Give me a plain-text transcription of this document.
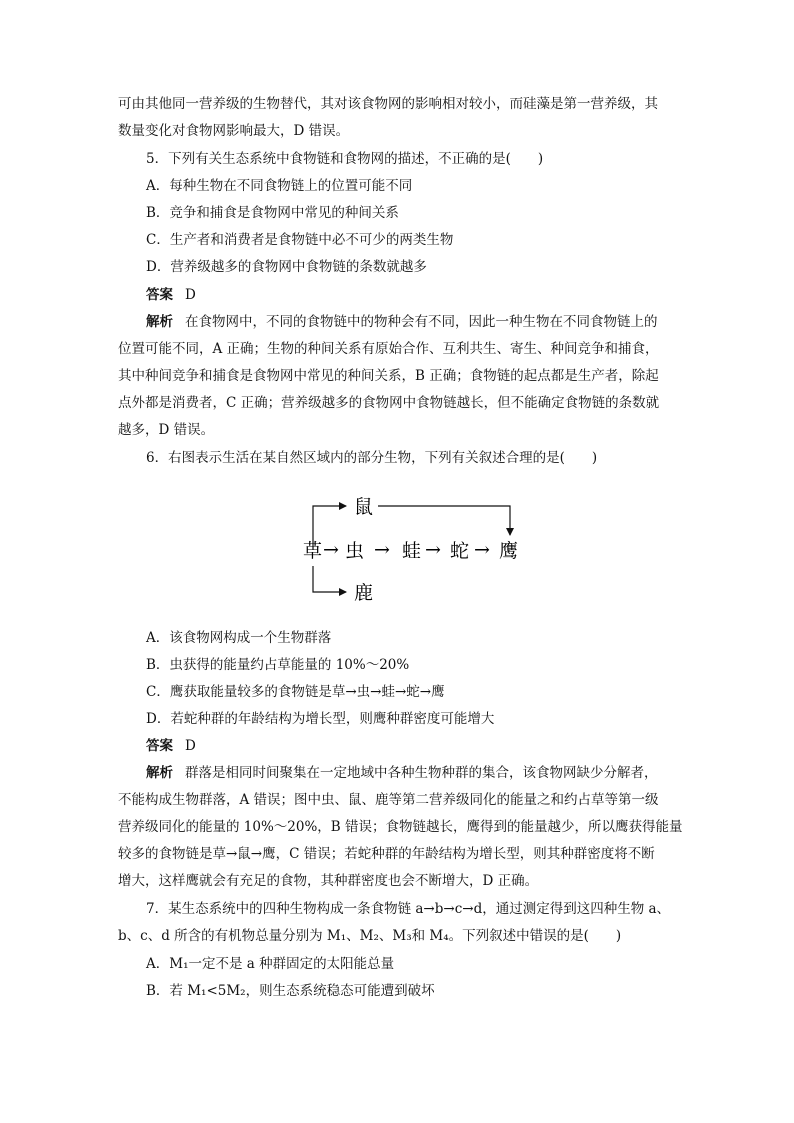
可由其他同一营养级的生物替代，其对该食物网的影响相对较小，而硅藻是第一营养级，其
数量变化对食物网影响最大，D 错误。
5．下列有关生态系统中食物链和食物网的描述，不正确的是(　　)
A．每种生物在不同食物链上的位置可能不同
B．竞争和捕食是食物网中常见的种间关系
C．生产者和消费者是食物链中必不可少的两类生物
D．营养级越多的食物网中食物链的条数就越多
答案 D
解析 在食物网中，不同的食物链中的物种会有不同，因此一种生物在不同食物链上的
位置可能不同，A 正确；生物的种间关系有原始合作、互利共生、寄生、种间竞争和捕食，
其中种间竞争和捕食是食物网中常见的种间关系，B 正确；食物链的起点都是生产者，除起
点外都是消费者，C 正确；营养级越多的食物网中食物链越长，但不能确定食物链的条数就
越多，D 错误。
6．右图表示生活在某自然区域内的部分生物，下列有关叙述合理的是(　　)
鼠
草 虫 蛙 蛇 鹰
鹿
→ → → →
A．该食物网构成一个生物群落
B．虫获得的能量约占草能量的 10%～20%
C．鹰获取能量较多的食物链是草→虫→蛙→蛇→鹰
D．若蛇种群的年龄结构为增长型，则鹰种群密度可能增大
答案 D
解析 群落是相同时间聚集在一定地域中各种生物种群的集合，该食物网缺少分解者，
不能构成生物群落，A 错误；图中虫、鼠、鹿等第二营养级同化的能量之和约占草等第一级
营养级同化的能量的 10%～20%，B 错误；食物链越长，鹰得到的能量越少，所以鹰获得能量
较多的食物链是草→鼠→鹰，C 错误；若蛇种群的年龄结构为增长型，则其种群密度将不断
增大，这样鹰就会有充足的食物，其种群密度也会不断增大，D 正确。
7．某生态系统中的四种生物构成一条食物链 a→b→c→d，通过测定得到这四种生物 a、
b、c、d 所含的有机物总量分别为 M₁、M₂、M₃和 M₄。下列叙述中错误的是(　　)
A．M₁一定不是 a 种群固定的太阳能总量
B．若 M₁<5M₂，则生态系统稳态可能遭到破坏
